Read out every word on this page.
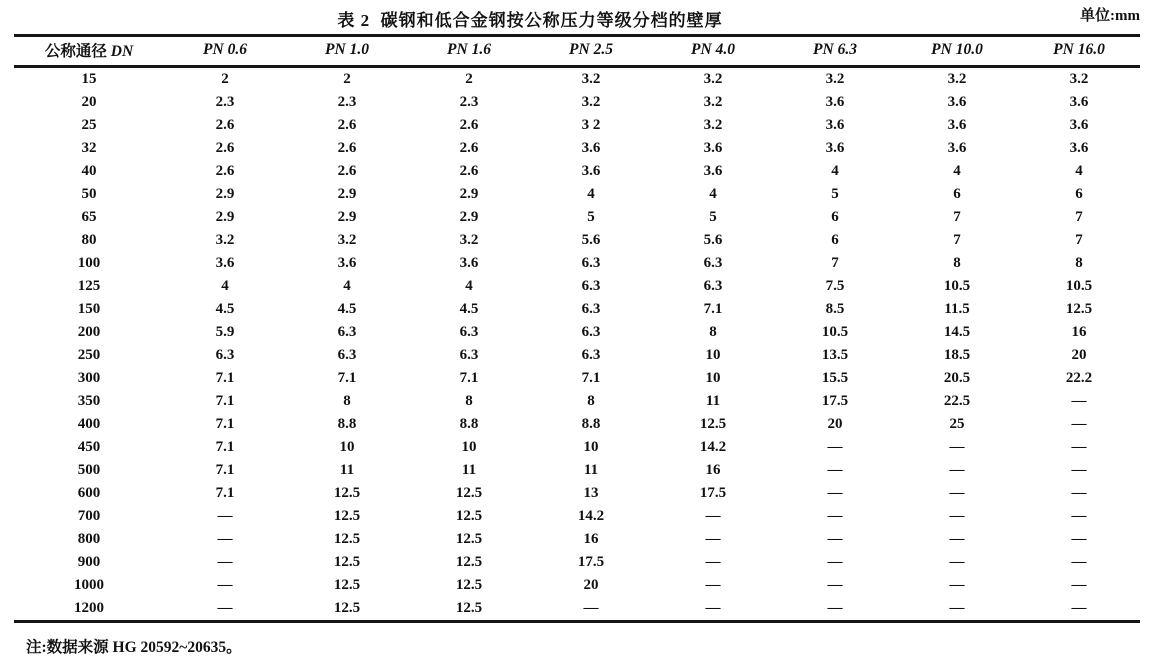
表 2  碳钢和低合金钢按公称压力等级分档的壁厚	单位:mm
公称通径 DN	PN 0.6	PN 1.0	PN 1.6	PN 2.5	PN 4.0	PN 6.3	PN 10.0	PN 16.0
15	2	2	2	3.2	3.2	3.2	3.2	3.2
20	2.3	2.3	2.3	3.2	3.2	3.6	3.6	3.6
25	2.6	2.6	2.6	3 2	3.2	3.6	3.6	3.6
32	2.6	2.6	2.6	3.6	3.6	3.6	3.6	3.6
40	2.6	2.6	2.6	3.6	3.6	4	4	4
50	2.9	2.9	2.9	4	4	5	6	6
65	2.9	2.9	2.9	5	5	6	7	7
80	3.2	3.2	3.2	5.6	5.6	6	7	7
100	3.6	3.6	3.6	6.3	6.3	7	8	8
125	4	4	4	6.3	6.3	7.5	10.5	10.5
150	4.5	4.5	4.5	6.3	7.1	8.5	11.5	12.5
200	5.9	6.3	6.3	6.3	8	10.5	14.5	16
250	6.3	6.3	6.3	6.3	10	13.5	18.5	20
300	7.1	7.1	7.1	7.1	10	15.5	20.5	22.2
350	7.1	8	8	8	11	17.5	22.5	—
400	7.1	8.8	8.8	8.8	12.5	20	25	—
450	7.1	10	10	10	14.2	—	—	—
500	7.1	11	11	11	16	—	—	—
600	7.1	12.5	12.5	13	17.5	—	—	—
700	—	12.5	12.5	14.2	—	—	—	—
800	—	12.5	12.5	16	—	—	—	—
900	—	12.5	12.5	17.5	—	—	—	—
1000	—	12.5	12.5	20	—	—	—	—
1200	—	12.5	12.5	—	—	—	—	—
注:数据来源 HG 20592~20635。
